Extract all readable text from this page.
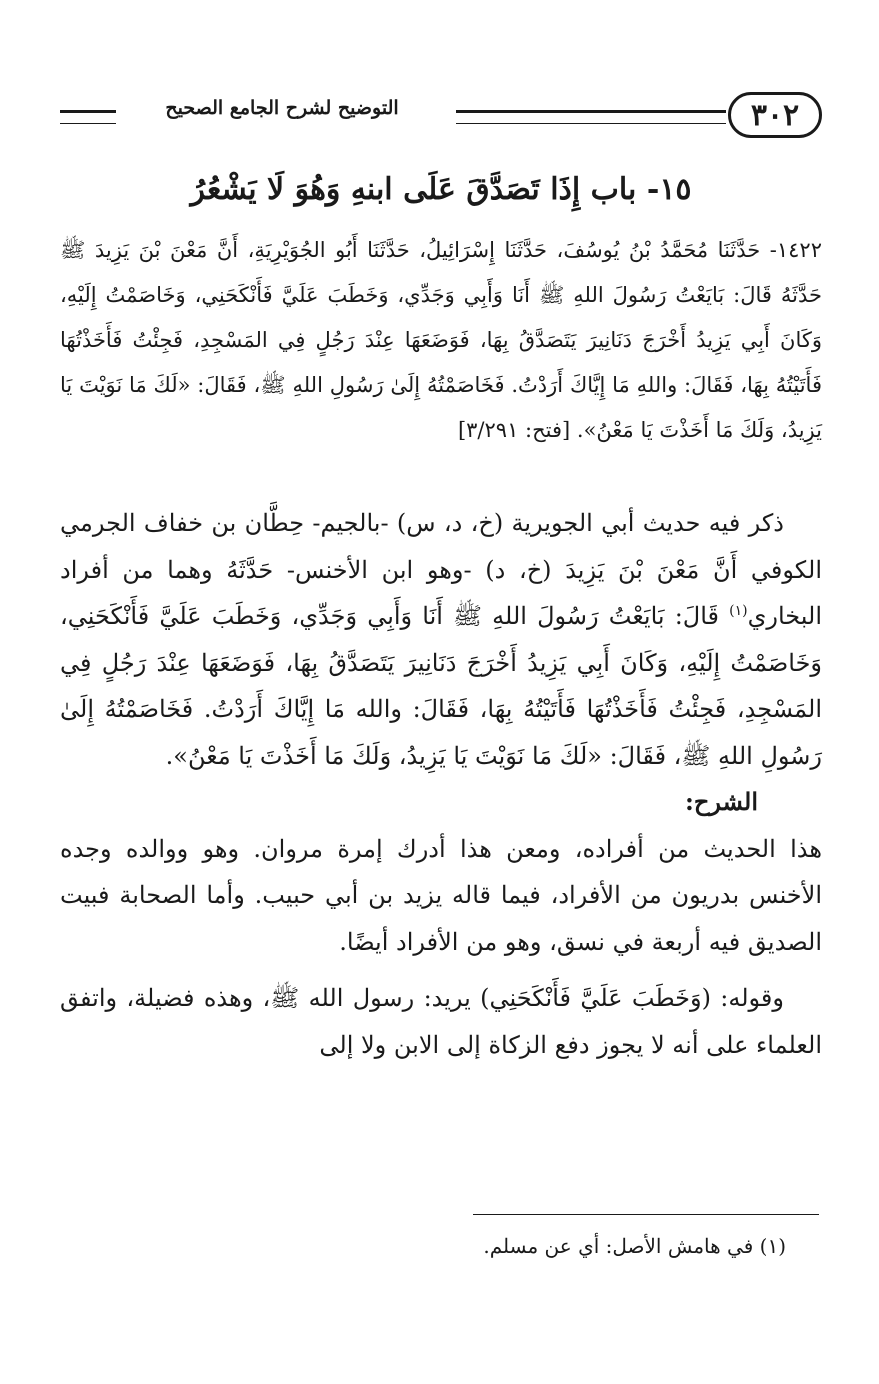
٣٠٢
التوضيح لشرح الجامع الصحيح
١٥- باب إِذَا تَصَدَّقَ عَلَى ابنهِ وَهُوَ لَا يَشْعُرُ

١٤٢٢- حَدَّثَنَا مُحَمَّدُ بْنُ يُوسُفَ، حَدَّثَنَا إِسْرَائِيلُ، حَدَّثَنَا أَبُو الجُوَيْرِيَةِ، أَنَّ مَعْنَ بْنَ يَزِيدَ ﷺ حَدَّثَهُ قَالَ: بَايَعْتُ رَسُولَ اللهِ ﷺ أَنَا وَأَبِي وَجَدِّي، وَخَطَبَ عَلَيَّ فَأَنْكَحَنِي، وَخَاصَمْتُ إِلَيْهِ، وَكَانَ أَبِي يَزِيدُ أَخْرَجَ دَنَانِيرَ يَتَصَدَّقُ بِهَا، فَوَضَعَهَا عِنْدَ رَجُلٍ فِي المَسْجِدِ، فَجِئْتُ فَأَخَذْتُهَا فَأَتَيْتُهُ بِهَا، فَقَالَ: واللهِ مَا إِيَّاكَ أَرَدْتُ. فَخَاصَمْتُهُ إِلَىٰ رَسُولِ اللهِ ﷺ، فَقَالَ: «لَكَ مَا نَوَيْتَ يَا يَزِيدُ، وَلَكَ مَا أَخَذْتَ يَا مَعْنُ». [فتح: ٣/٢٩١]

ذكر فيه حديث أبي الجويرية (خ، د، س) -بالجيم- حِطَّان بن خفاف الجرمي الكوفي أَنَّ مَعْنَ بْنَ يَزِيدَ (خ، د) -وهو ابن الأخنس- حَدَّثَهُ وهما من أفراد البخاري$^{(١)}$ قَالَ: بَايَعْتُ رَسُولَ اللهِ ﷺ أَنَا وَأَبِي وَجَدِّي، وَخَطَبَ عَلَيَّ فَأَنْكَحَنِي، وَخَاصَمْتُ إِلَيْهِ، وَكَانَ أَبِي يَزِيدُ أَخْرَجَ دَنَانِيرَ يَتَصَدَّقُ بِهَا، فَوَضَعَهَا عِنْدَ رَجُلٍ فِي المَسْجِدِ، فَجِئْتُ فَأَخَذْتُهَا فَأَتَيْتُهُ بِهَا، فَقَالَ: والله مَا إِيَّاكَ أَرَدْتُ. فَخَاصَمْتُهُ إِلَىٰ رَسُولِ اللهِ ﷺ، فَقَالَ: «لَكَ مَا نَوَيْتَ يَا يَزِيدُ، وَلَكَ مَا أَخَذْتَ يَا مَعْنُ».

الشرح:

هذا الحديث من أفراده، ومعن هذا أدرك إمرة مروان. وهو ووالده وجده الأخنس بدريون من الأفراد، فيما قاله يزيد بن أبي حبيب. وأما الصحابة فبيت الصديق فيه أربعة في نسق، وهو من الأفراد أيضًا.

وقوله: (وَخَطَبَ عَلَيَّ فَأَنْكَحَنِي) يريد: رسول الله ﷺ، وهذه فضيلة، واتفق العلماء على أنه لا يجوز دفع الزكاة إلى الابن ولا إلى

(١) في هامش الأصل: أي عن مسلم.
